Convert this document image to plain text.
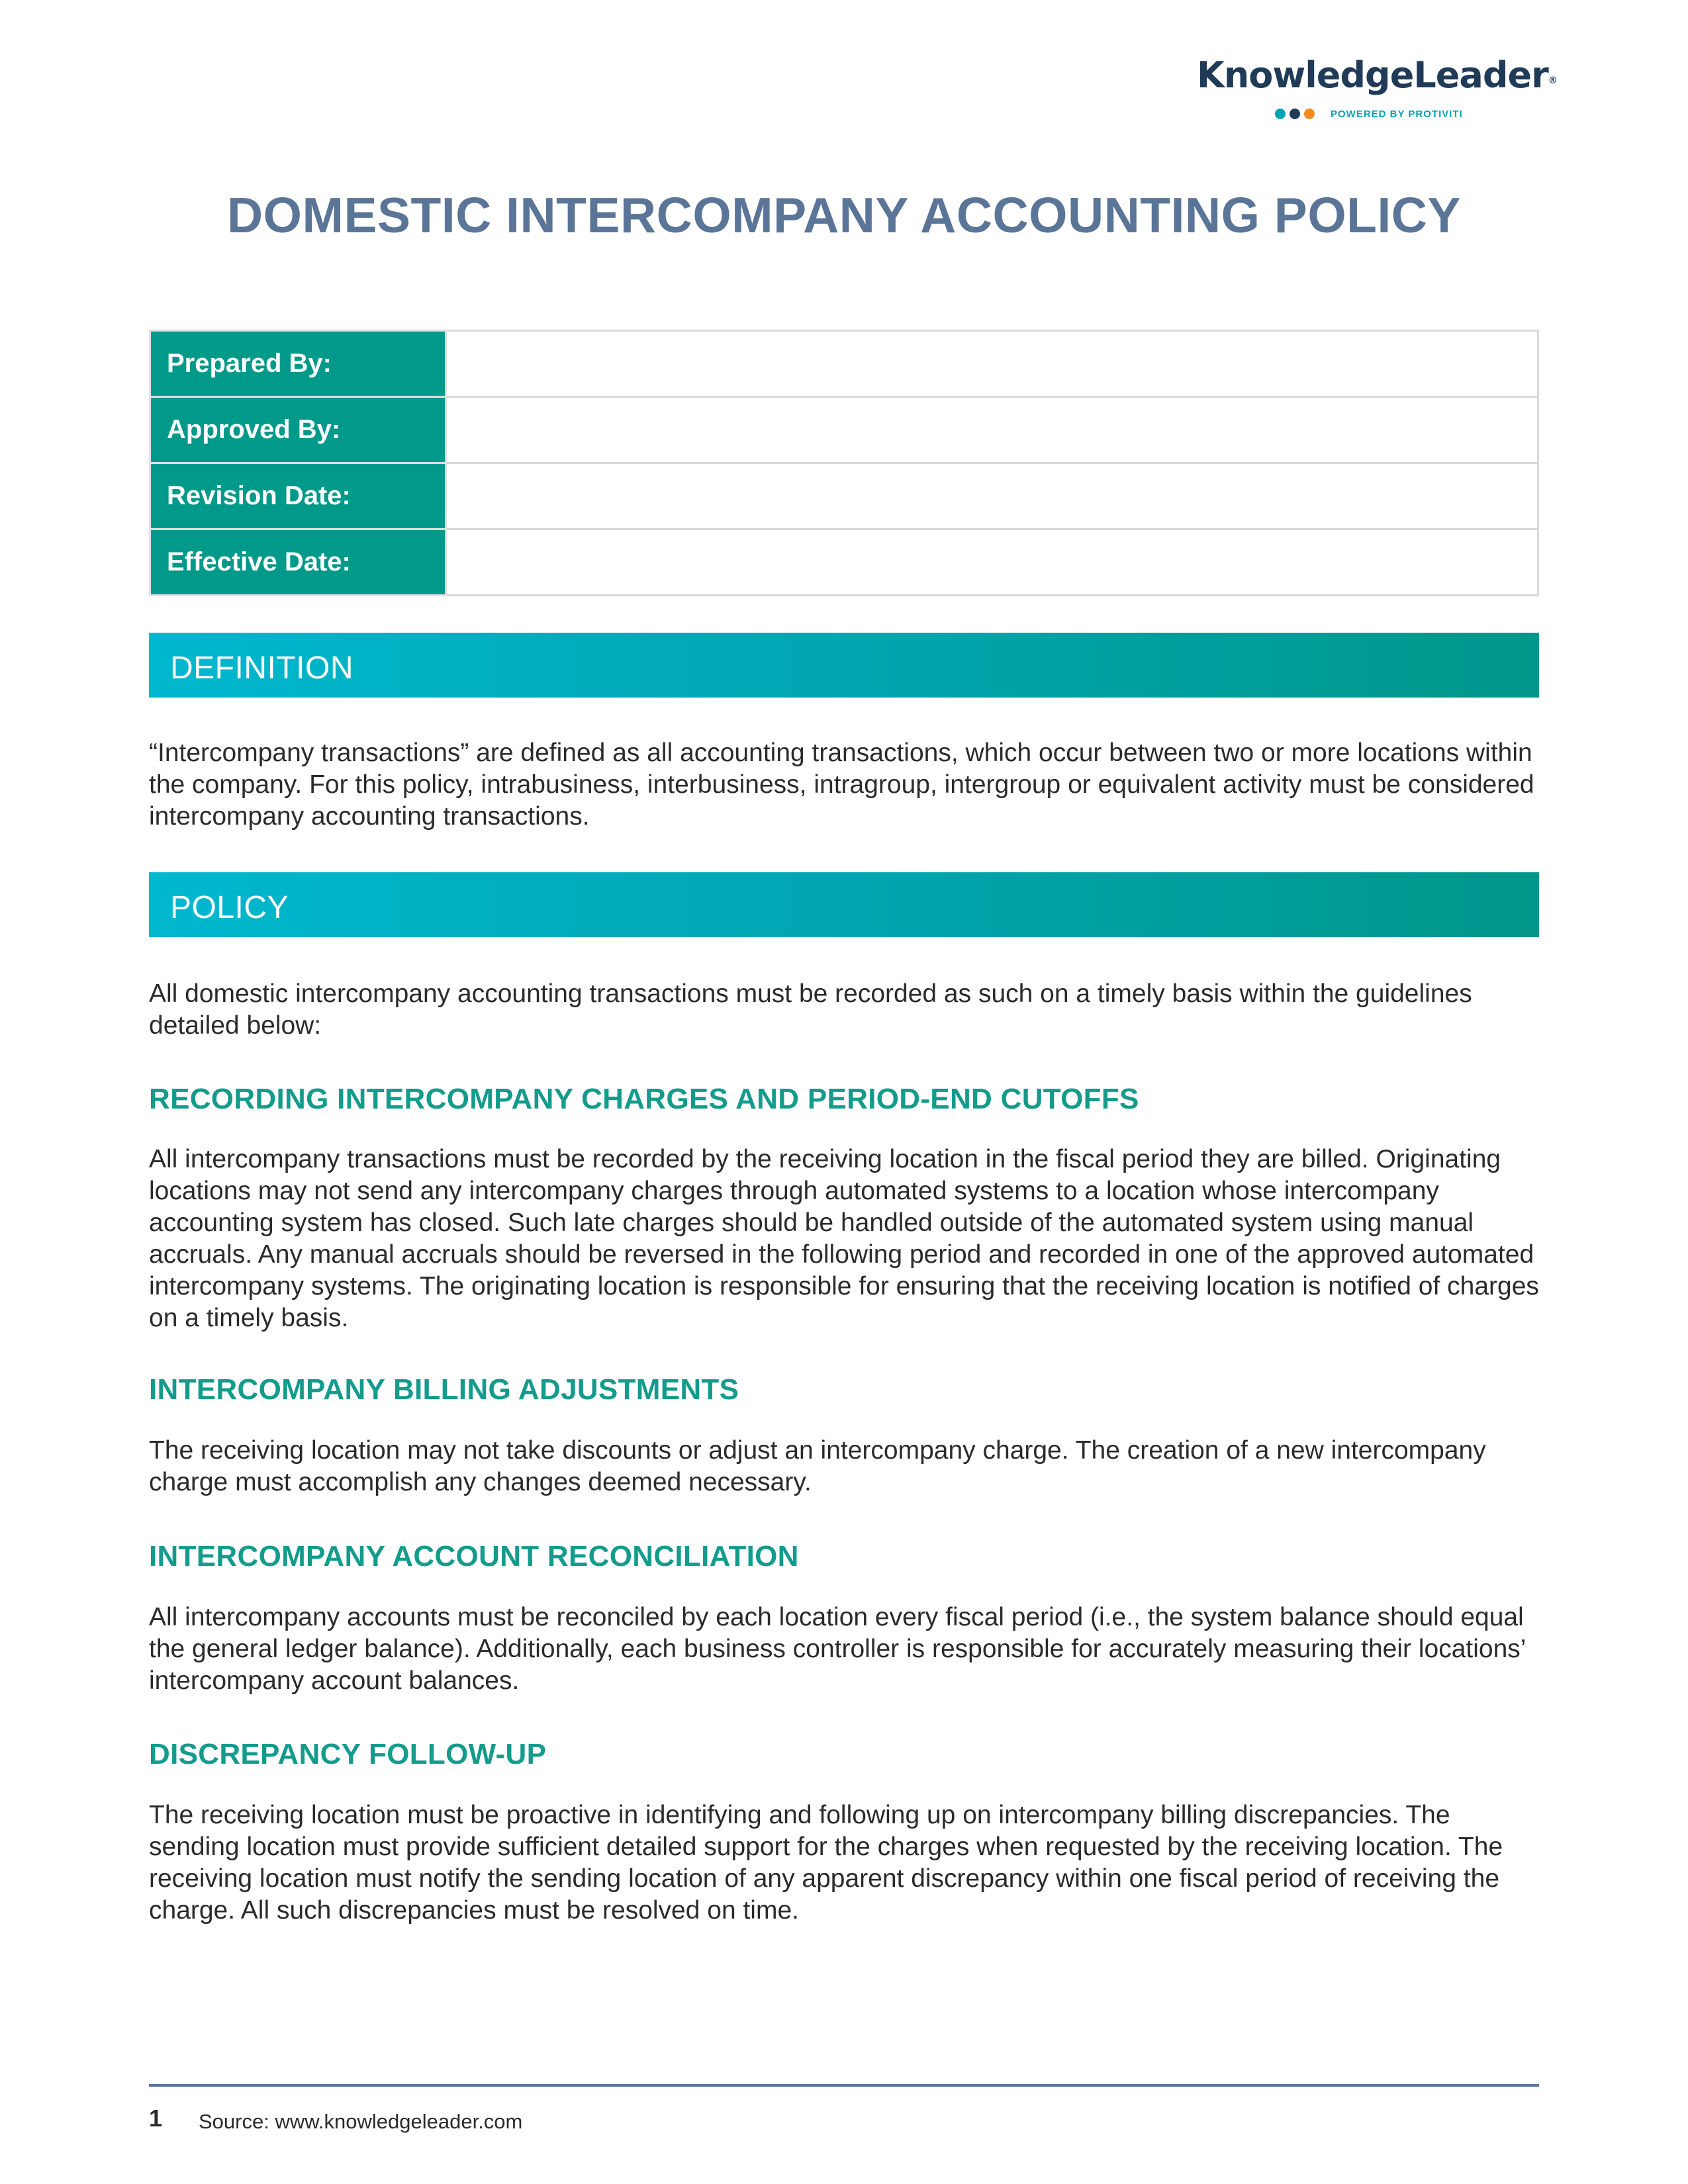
KnowledgeLeader®
POWERED BY PROTIVITI
DOMESTIC INTERCOMPANY ACCOUNTING POLICY
Prepared By:	
Approved By:	
Revision Date:	
Effective Date:	
DEFINITION

“Intercompany transactions” are defined as all accounting transactions, which occur between two or more locations within the company. For this policy, intrabusiness, interbusiness, intragroup, intergroup or equivalent activity must be considered intercompany accounting transactions.

POLICY

All domestic intercompany accounting transactions must be recorded as such on a timely basis within the guidelines detailed below:

RECORDING INTERCOMPANY CHARGES AND PERIOD-END CUTOFFS

All intercompany transactions must be recorded by the receiving location in the fiscal period they are billed. Originating locations may not send any intercompany charges through automated systems to a location whose intercompany accounting system has closed. Such late charges should be handled outside of the automated system using manual accruals. Any manual accruals should be reversed in the following period and recorded in one of the approved automated intercompany systems. The originating location is responsible for ensuring that the receiving location is notified of charges on a timely basis.

INTERCOMPANY BILLING ADJUSTMENTS

The receiving location may not take discounts or adjust an intercompany charge. The creation of a new intercompany charge must accomplish any changes deemed necessary.

INTERCOMPANY ACCOUNT RECONCILIATION

All intercompany accounts must be reconciled by each location every fiscal period (i.e., the system balance should equal the general ledger balance). Additionally, each business controller is responsible for accurately measuring their locations’ intercompany account balances.

DISCREPANCY FOLLOW-UP

The receiving location must be proactive in identifying and following up on intercompany billing discrepancies. The sending location must provide sufficient detailed support for the charges when requested by the receiving location. The receiving location must notify the sending location of any apparent discrepancy within one fiscal period of receiving the charge. All such discrepancies must be resolved on time.

1 Source: www.knowledgeleader.com
